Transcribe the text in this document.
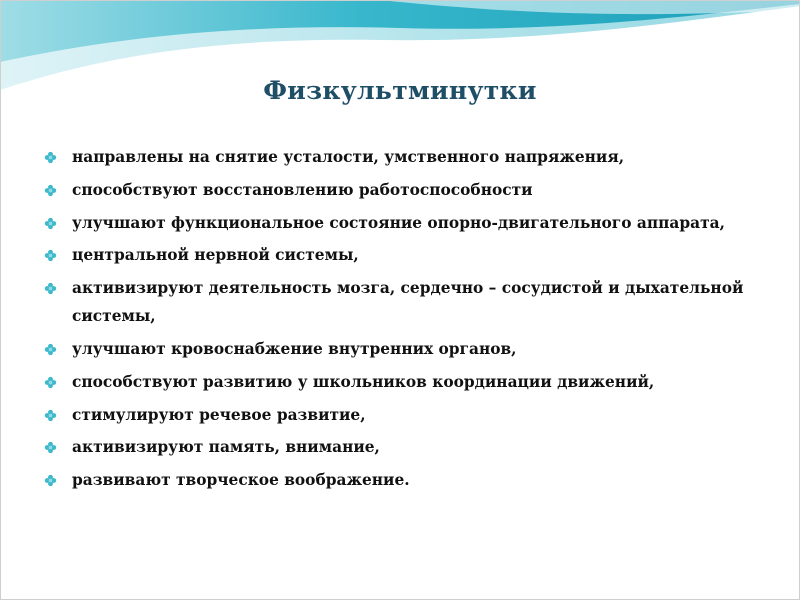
Физкультминутки
направлены на снятие усталости, умственного напряжения,
способствуют восстановлению работоспособности
улучшают функциональное состояние опорно-двигательного аппарата,
центральной нервной системы,
активизируют деятельность мозга, сердечно – сосудистой и дыхательной системы,
улучшают кровоснабжение внутренних органов,
способствуют развитию у школьников координации движений,
стимулируют речевое развитие,
активизируют память, внимание,
развивают творческое воображение.
